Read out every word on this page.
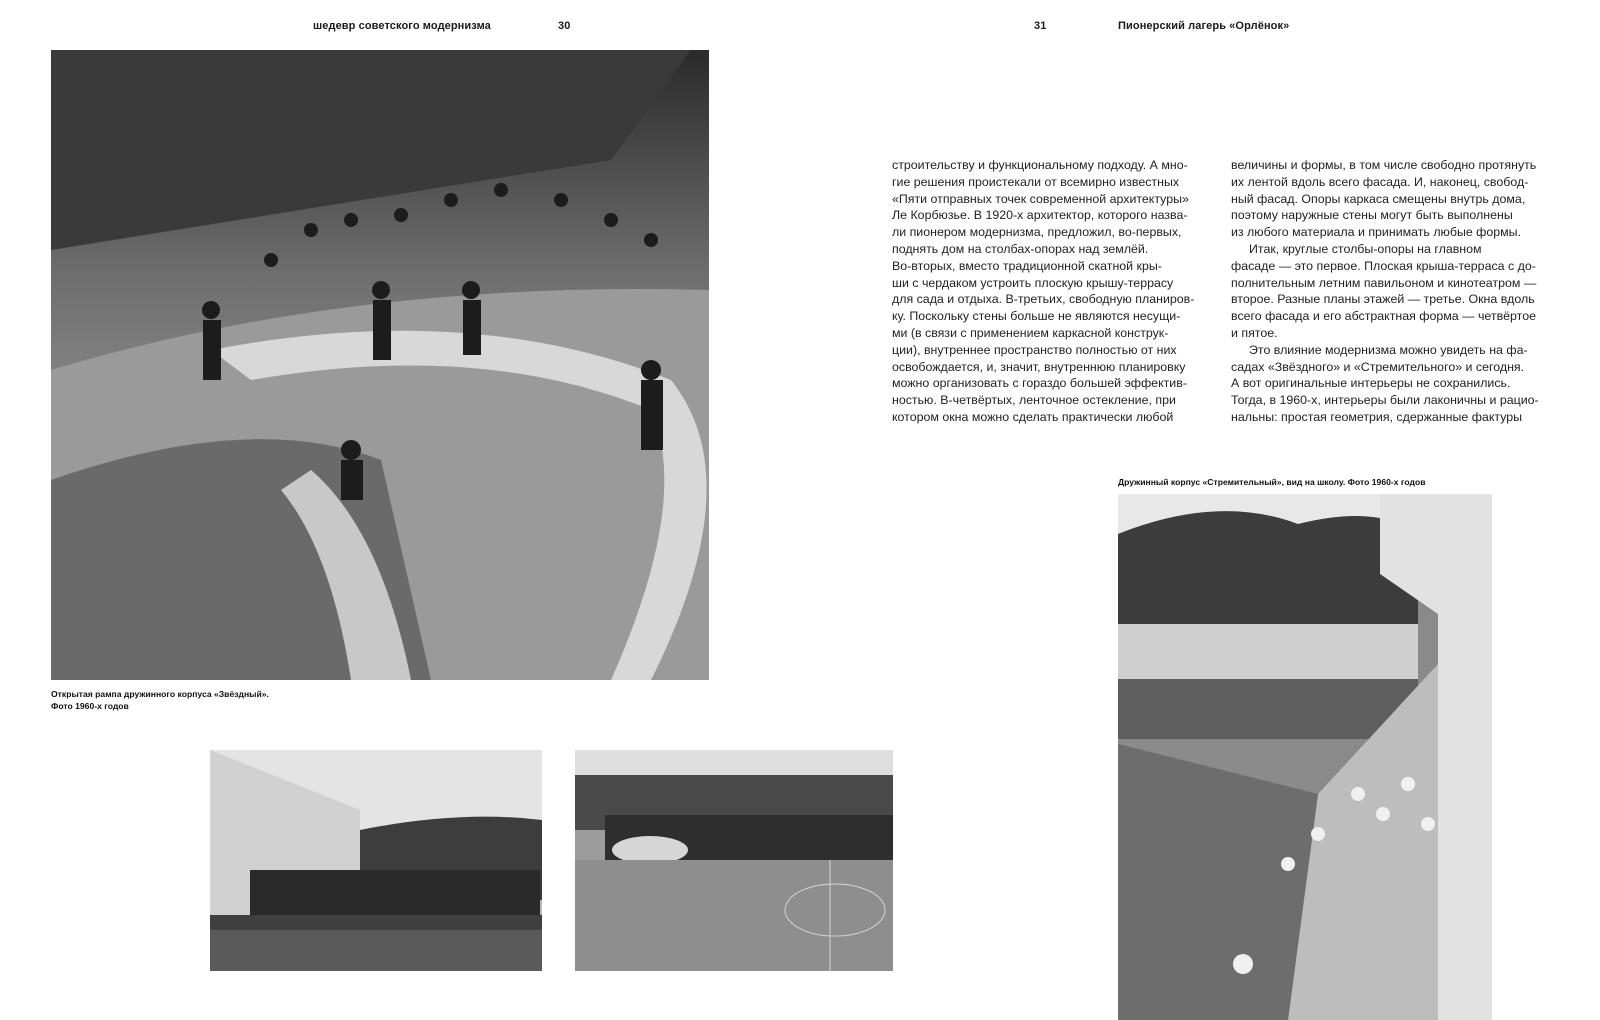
шедевр советского модернизма	30	31	Пионерский лагерь «Орлёнок»
Открытая рампа дружинного корпуса «Звёздный».
Фото 1960-х годов

строительству и функциональному подходу. А мно-

гие решения проистекали от всемирно известных

«Пяти отправных точек современной архитектуры»

Ле Корбюзье. В 1920-х архитектор, которого назва-

ли пионером модернизма, предложил, во-первых,

поднять дом на столбах-опорах над землёй.

Во-вторых, вместо традиционной скатной кры-

ши с чердаком устроить плоскую крышу-террасу

для сада и отдыха. В-третьих, свободную планиров-

ку. Поскольку стены больше не являются несущи-

ми (в связи с применением каркасной конструк-

ции), внутреннее пространство полностью от них

освобождается, и, значит, внутреннюю планировку

можно организовать с гораздо большей эффектив-

ностью. В-четвёртых, ленточное остекление, при

котором окна можно сделать практически любой

величины и формы, в том числе свободно протянуть

их лентой вдоль всего фасада. И, наконец, свобод-

ный фасад. Опоры каркаса смещены внутрь дома,

поэтому наружные стены могут быть выполнены

из любого материала и принимать любые формы.

Итак, круглые столбы-опоры на главном

фасаде — это первое. Плоская крыша-терраса с до-

полнительным летним павильоном и кинотеатром —

второе. Разные планы этажей — третье. Окна вдоль

всего фасада и его абстрактная форма — четвёртое

и пятое.

Это влияние модернизма можно увидеть на фа-

садах «Звёздного» и «Стремительного» и сегодня.

А вот оригинальные интерьеры не сохранились.

Тогда, в 1960-х, интерьеры были лаконичны и рацио-

нальны: простая геометрия, сдержанные фактуры

Дружинный корпус «Стремительный», вид на школу. Фото 1960-х годов
